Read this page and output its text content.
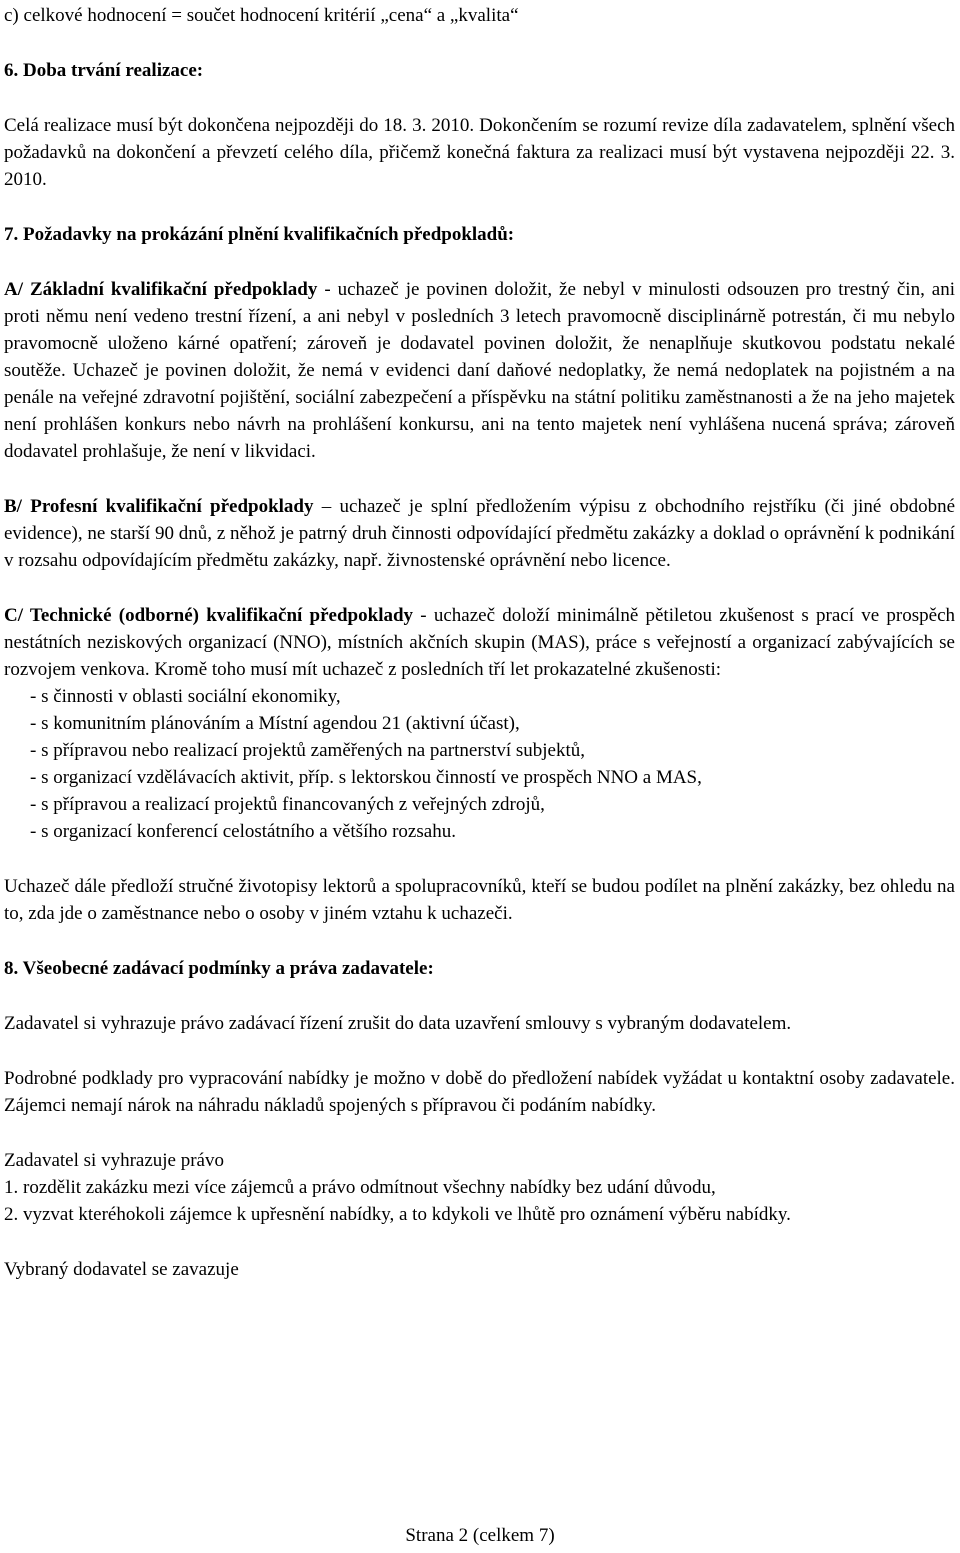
c) celkové hodnocení = součet hodnocení kritérií „cena“ a „kvalita“

6. Doba trvání realizace:

Celá realizace musí být dokončena nejpozději do 18. 3. 2010. Dokončením se rozumí revize díla zadavatelem, splnění všech požadavků na dokončení a převzetí celého díla, přičemž konečná faktura za realizaci musí být vystavena nejpozději 22. 3. 2010.

7. Požadavky na prokázání plnění kvalifikačních předpokladů:

A/ Základní kvalifikační předpoklady - uchazeč je povinen doložit, že nebyl v minulosti odsouzen pro trestný čin, ani proti němu není vedeno trestní řízení, a ani nebyl v posledních 3 letech pravomocně disciplinárně potrestán, či mu nebylo pravomocně uloženo kárné opatření; zároveň je dodavatel povinen doložit, že nenaplňuje skutkovou podstatu nekalé soutěže. Uchazeč je povinen doložit, že nemá v evidenci daní daňové nedoplatky, že nemá nedoplatek na pojistném a na penále na veřejné zdravotní pojištění, sociální zabezpečení a příspěvku na státní politiku zaměstnanosti a že na jeho majetek není prohlášen konkurs nebo návrh na prohlášení konkursu, ani na tento majetek není vyhlášena nucená správa; zároveň dodavatel prohlašuje, že není v likvidaci.

B/ Profesní kvalifikační předpoklady – uchazeč je splní předložením výpisu z obchodního rejstříku (či jiné obdobné evidence), ne starší 90 dnů, z něhož je patrný druh činnosti odpovídající předmětu zakázky a doklad o oprávnění k podnikání v rozsahu odpovídajícím předmětu zakázky, např. živnostenské oprávnění nebo licence.

C/ Technické (odborné) kvalifikační předpoklady - uchazeč doloží minimálně pětiletou zkušenost s prací ve prospěch nestátních neziskových organizací (NNO), místních akčních skupin (MAS), práce s veřejností a organizací zabývajících se rozvojem venkova. Kromě toho musí mít uchazeč z posledních tří let prokazatelné zkušenosti:

- s činnosti v oblasti sociální ekonomiky,

- s komunitním plánováním a Místní agendou 21 (aktivní účast),

- s přípravou nebo realizací projektů zaměřených na partnerství subjektů,

- s organizací vzdělávacích aktivit, příp. s lektorskou činností ve prospěch NNO a MAS,

- s přípravou a realizací projektů financovaných z veřejných zdrojů,

- s organizací konferencí celostátního a většího rozsahu.

Uchazeč dále předloží stručné životopisy lektorů a spolupracovníků, kteří se budou podílet na plnění zakázky, bez ohledu na to, zda jde o zaměstnance nebo o osoby v jiném vztahu k uchazeči.

8. Všeobecné zadávací podmínky a práva zadavatele:

Zadavatel si vyhrazuje právo zadávací řízení zrušit do data uzavření smlouvy s vybraným dodavatelem.

Podrobné podklady pro vypracování nabídky je možno v době do předložení nabídek vyžádat u kontaktní osoby zadavatele. Zájemci nemají nárok na náhradu nákladů spojených s přípravou či podáním nabídky.

Zadavatel si vyhrazuje právo

1. rozdělit zakázku mezi více zájemců a právo odmítnout všechny nabídky bez udání důvodu,

2. vyzvat kteréhokoli zájemce k upřesnění nabídky, a to kdykoli ve lhůtě pro oznámení výběru nabídky.

Vybraný dodavatel se zavazuje

Strana 2 (celkem 7)
